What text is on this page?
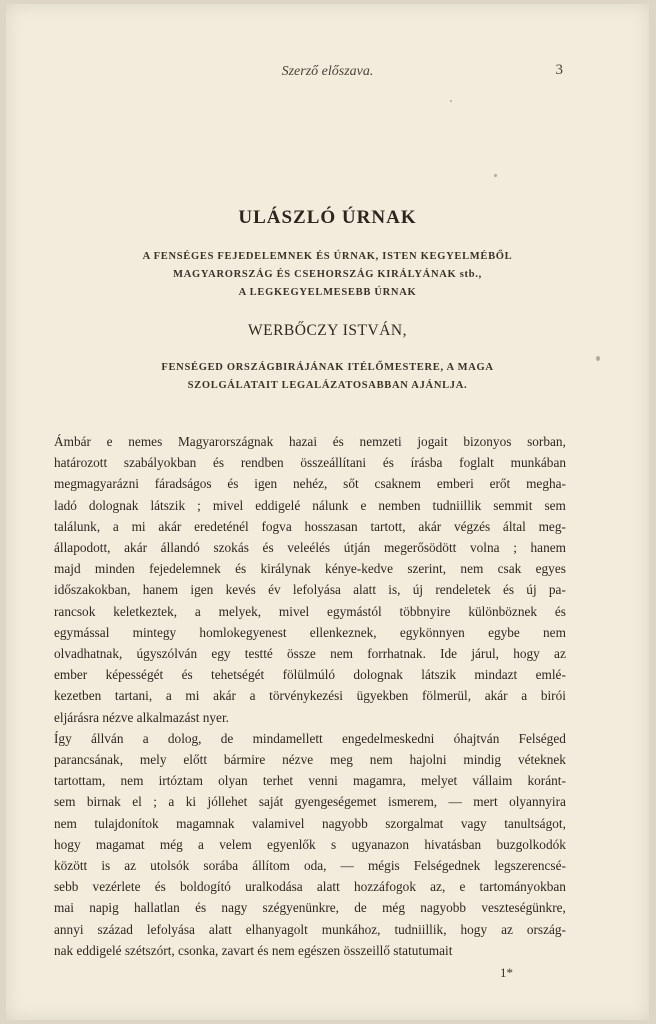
Szerző előszava.	3
ULÁSZLÓ ÚRNAK
A FENSÉGES FEJEDELEMNEK ÉS ÚRNAK, ISTEN KEGYELMÉBŐL
MAGYARORSZÁG ÉS CSEHORSZÁG KIRÁLYÁNAK stb.,
A LEGKEGYELMESEBB ÚRNAK
WERBŐCZY ISTVÁN,
FENSÉGED ORSZÁGBIRÁJÁNAK ITÉLŐMESTERE, A MAGA
SZOLGÁLATAIT LEGALÁZATOSABBAN AJÁNLJA.
Ámbár e nemes Magyarországnak hazai és nemzeti jogait bizonyos sorban,
határozott szabályokban és rendben összeállítani és írásba foglalt munkában
megmagyarázni fáradságos és igen nehéz, sőt csaknem emberi erőt megha-
ladó dolognak látszik ; mivel eddigelé nálunk e nemben tudniillik semmit sem
találunk, a mi akár eredeténél fogva hosszasan tartott, akár végzés által meg-
állapodott, akár állandó szokás és veleélés útján megerősödött volna ; hanem
majd minden fejedelemnek és királynak kénye-kedve szerint, nem csak egyes
időszakokban, hanem igen kevés év lefolyása alatt is, új rendeletek és új pa-
rancsok keletkeztek, a melyek, mivel egymástól többnyire különböznek és
egymással mintegy homlokegyenest ellenkeznek, egykönnyen egybe nem
olvadhatnak, úgyszólván egy testté össze nem forrhatnak. Ide járul, hogy az
ember képességét és tehetségét fölülmúló dolognak látszik mindazt emlé-
kezetben tartani, a mi akár a törvénykezési ügyekben fölmerül, akár a birói
eljárásra nézve alkalmazást nyer.
Így állván a dolog, de mindamellett engedelmeskedni óhajtván Felséged
parancsának, mely előtt bármire nézve meg nem hajolni mindig véteknek
tartottam, nem irtóztam olyan terhet venni magamra, melyet vállaim koránt-
sem birnak el ; a ki jóllehet saját gyengeségemet ismerem, — mert olyannyira
nem tulajdonítok magamnak valamivel nagyobb szorgalmat vagy tanultságot,
hogy magamat még a velem egyenlők s ugyanazon hivatásban buzgolkodók
között is az utolsók sorába állítom oda, — mégis Felségednek legszerencsé-
sebb vezérlete és boldogító uralkodása alatt hozzáfogok az, e tartományokban
mai napig hallatlan és nagy szégyenünkre, de még nagyobb veszteségünkre,
annyi század lefolyása alatt elhanyagolt munkához, tudniillik, hogy az ország-
nak eddigelé szétszórt, csonka, zavart és nem egészen összeillő statutumait
1*
